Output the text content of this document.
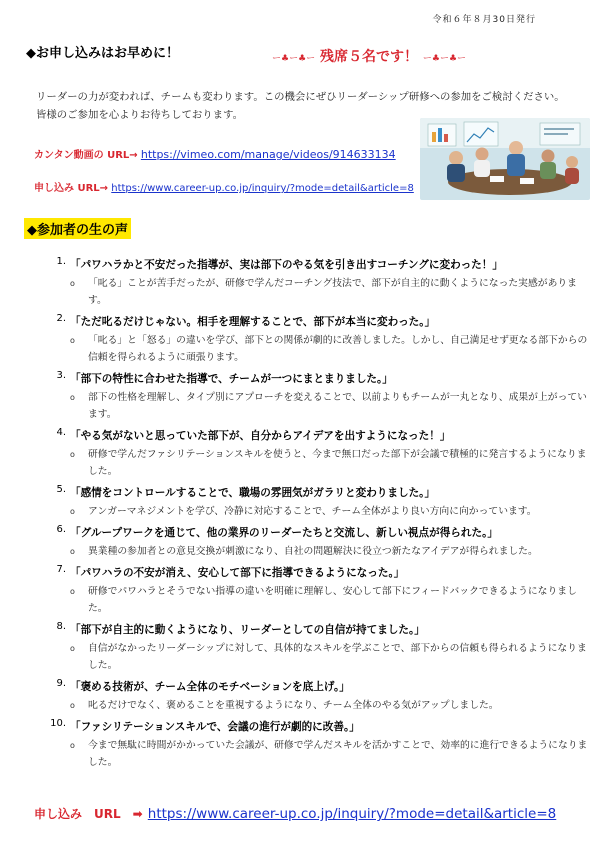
令和６年８月30日発行
◆お申し込みはお早めに！	ー♣ー♣ー 残席５名です！ ー♣ー♣ー
リーダーの力が変われば、チームも変わります。この機会にぜひリーダーシップ研修への参加をご検討ください。
皆様のご参加を心よりお待ちしております。
カンタン動画の URL→ https://vimeo.com/manage/videos/914633134
申し込み URL→ https://www.career-up.co.jp/inquiry/?mode=detail&article=8
◆参加者の生の声
1. 「パワハラかと不安だった指導が、実は部下のやる気を引き出すコーチングに変わった！」
o 「叱る」ことが苦手だったが、研修で学んだコーチング技法で、部下が自主的に動くようになった実感があります。
2. 「ただ叱るだけじゃない。相手を理解することで、部下が本当に変わった。」
o 「叱る」と「怒る」の違いを学び、部下との関係が劇的に改善しました。しかし、自己満足せず更なる部下からの信頼を得られるように頑張ります。
3. 「部下の特性に合わせた指導で、チームが一つにまとまりました。」
o 部下の性格を理解し、タイプ別にアプローチを変えることで、以前よりもチームが一丸となり、成果が上がっています。
4. 「やる気がないと思っていた部下が、自分からアイデアを出すようになった！」
o 研修で学んだファシリテーションスキルを使うと、今まで無口だった部下が会議で積極的に発言するようになりました。
5. 「感情をコントロールすることで、職場の雰囲気がガラリと変わりました。」
o アンガーマネジメントを学び、冷静に対応することで、チーム全体がより良い方向に向かっています。
6. 「グループワークを通じて、他の業界のリーダーたちと交流し、新しい視点が得られた。」
o 異業種の参加者との意見交換が刺激になり、自社の問題解決に役立つ新たなアイデアが得られました。
7. 「パワハラの不安が消え、安心して部下に指導できるようになった。」
o 研修でパワハラとそうでない指導の違いを明確に理解し、安心して部下にフィードバックできるようになりました。
8. 「部下が自主的に動くようになり、リーダーとしての自信が持てました。」
o 自信がなかったリーダーシップに対して、具体的なスキルを学ぶことで、部下からの信頼も得られるようになりました。
9. 「褒める技術が、チーム全体のモチベーションを底上げ。」
o 叱るだけでなく、褒めることを重視するようになり、チーム全体のやる気がアップしました。
10. 「ファシリテーションスキルで、会議の進行が劇的に改善。」
o 今まで無駄に時間がかかっていた会議が、研修で学んだスキルを活かすことで、効率的に進行できるようになりました。
申し込み　URL　➡ https://www.career-up.co.jp/inquiry/?mode=detail&article=8
